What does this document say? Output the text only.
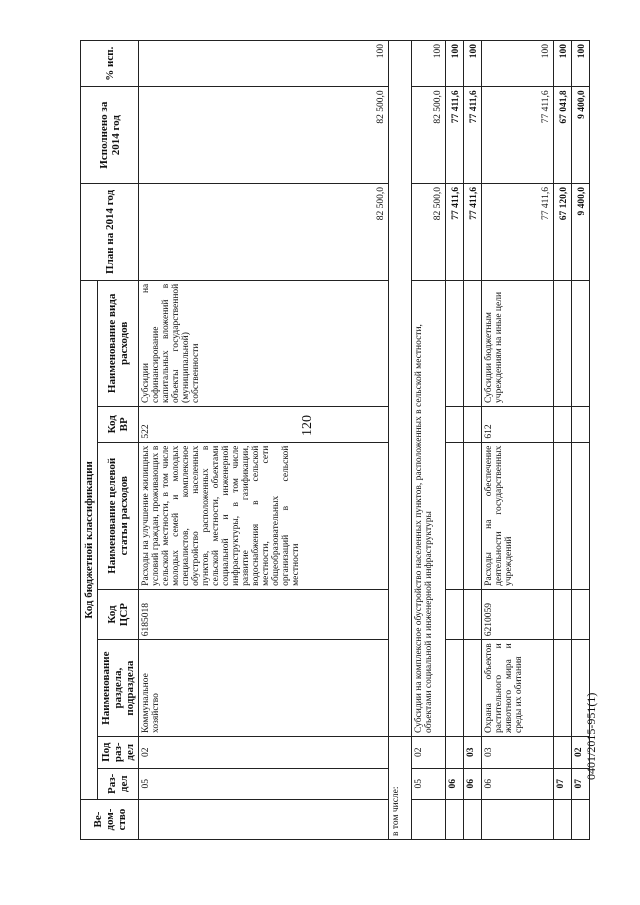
120
0401/2015-951(1)
Ве-дом-ство	Код бюджетной классификации							План на 2014 год	Исполнено за 2014 год	% исп.
	Раз-дел	Под раз-дел	Наименование раздела, подраздела	Код ЦСР	Наименование целевой статьи расходов	Код ВР	Наименование вида расходов			
	05	02	Коммунальное хозяйство	6185018	Расходы на улучшение жилищных условий граждан, проживающих в сельской местности, в том числе молодых семей и молодых специалистов, комплексное обустройство населенных пунктов, расположенных в сельской местности, объектами социальной и инженерной инфраструктуры, в том числе развитие газификации, водоснабжения в сельской местности, сети общеобразовательных организаций в сельской местности	522	Субсидии на софинансирование капитальных вложений в объекты государственной (муниципальной) собственности	82 500,0	82 500,0	100
в том числе:										
	05	02	Субсидии на комплексное обустройство населенных пунктов, расположенных в сельской местности, объектами социальной и инженерной инфраструктуры					82 500,0	82 500,0	100
	06							77 411,6	77 411,6	100
	06	03						77 411,6	77 411,6	100
	06	03	Охрана объектов растительного и животного мира и среды их обитания	6210059	Расходы на обеспечение деятельности государственных учреждений	612	Субсидии бюджетным учреждениям на иные цели	77 411,6	77 411,6	100
	07							67 120,0	67 041,8	100
	07	02						9 400,0	9 400,0	100
